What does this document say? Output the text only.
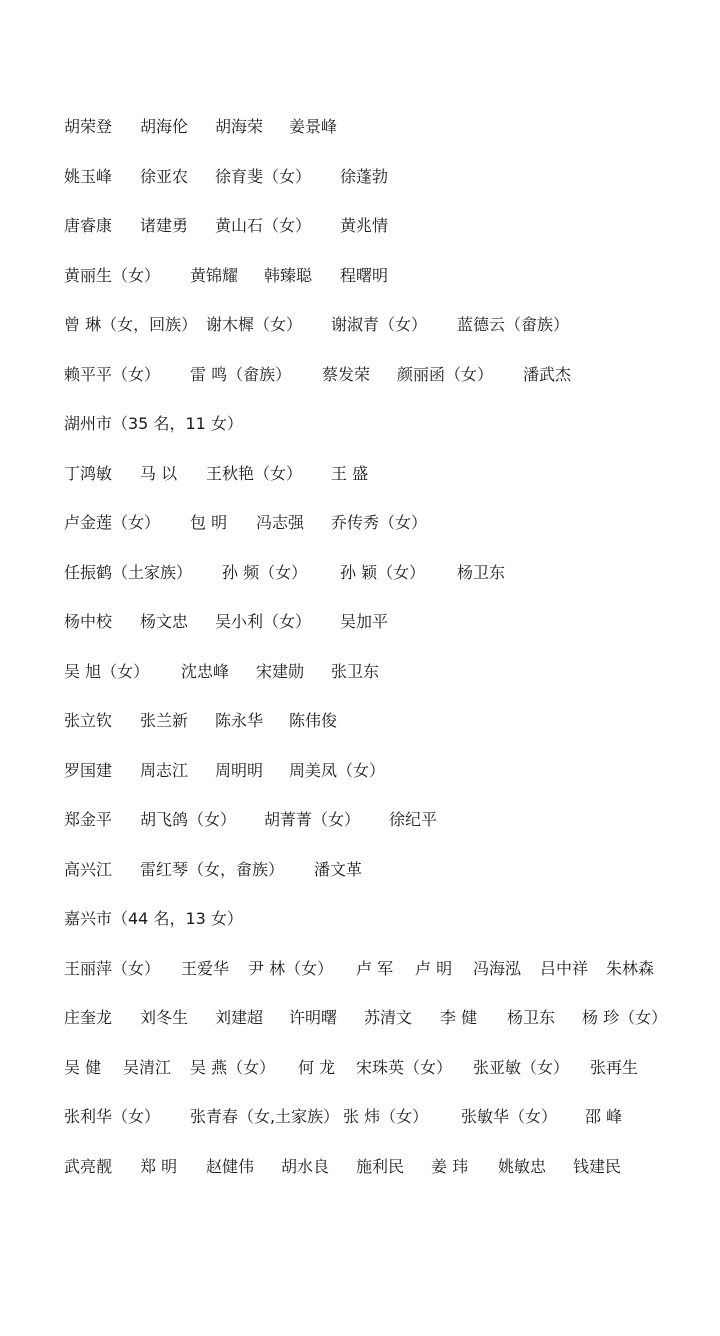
胡荣登 胡海伦 胡海荣 姜景峰
姚玉峰 徐亚农 徐育斐（女） 徐蓬勃
唐睿康 诸建勇 黄山石（女） 黄兆情
黄丽生（女） 黄锦耀 韩臻聪 程曙明
曾 琳（女，回族） 谢木樨（女） 谢淑青（女） 蓝德云（畲族）
赖平平（女） 雷 鸣（畲族） 蔡发荣 颜丽函（女） 潘武杰
湖州市（35 名，11 女）
丁鸿敏 马 以 王秋艳（女） 王 盛
卢金莲（女） 包 明 冯志强 乔传秀（女）
任振鹤（土家族） 孙 频（女） 孙 颖（女） 杨卫东
杨中校 杨文忠 吴小利（女） 吴加平
吴 旭（女） 沈忠峰 宋建勋 张卫东
张立钦 张兰新 陈永华 陈伟俊
罗国建 周志江 周明明 周美凤（女）
郑金平 胡飞鸽（女） 胡菁菁（女） 徐纪平
高兴江 雷红琴（女，畲族） 潘文革
嘉兴市（44 名，13 女）
王丽萍（女） 王爱华 尹 林（女） 卢 军 卢 明 冯海泓 吕中祥 朱林森
庄奎龙 刘冬生 刘建超 许明曙 苏清文 李 健 杨卫东 杨 珍（女）
吴 健 吴清江 吴 燕（女） 何 龙 宋珠英（女） 张亚敏（女） 张再生
张利华（女） 张青春（女,土家族） 张 炜（女） 张敏华（女） 邵 峰
武亮靓 郑 明 赵健伟 胡水良 施利民 姜 玮 姚敏忠 钱建民
